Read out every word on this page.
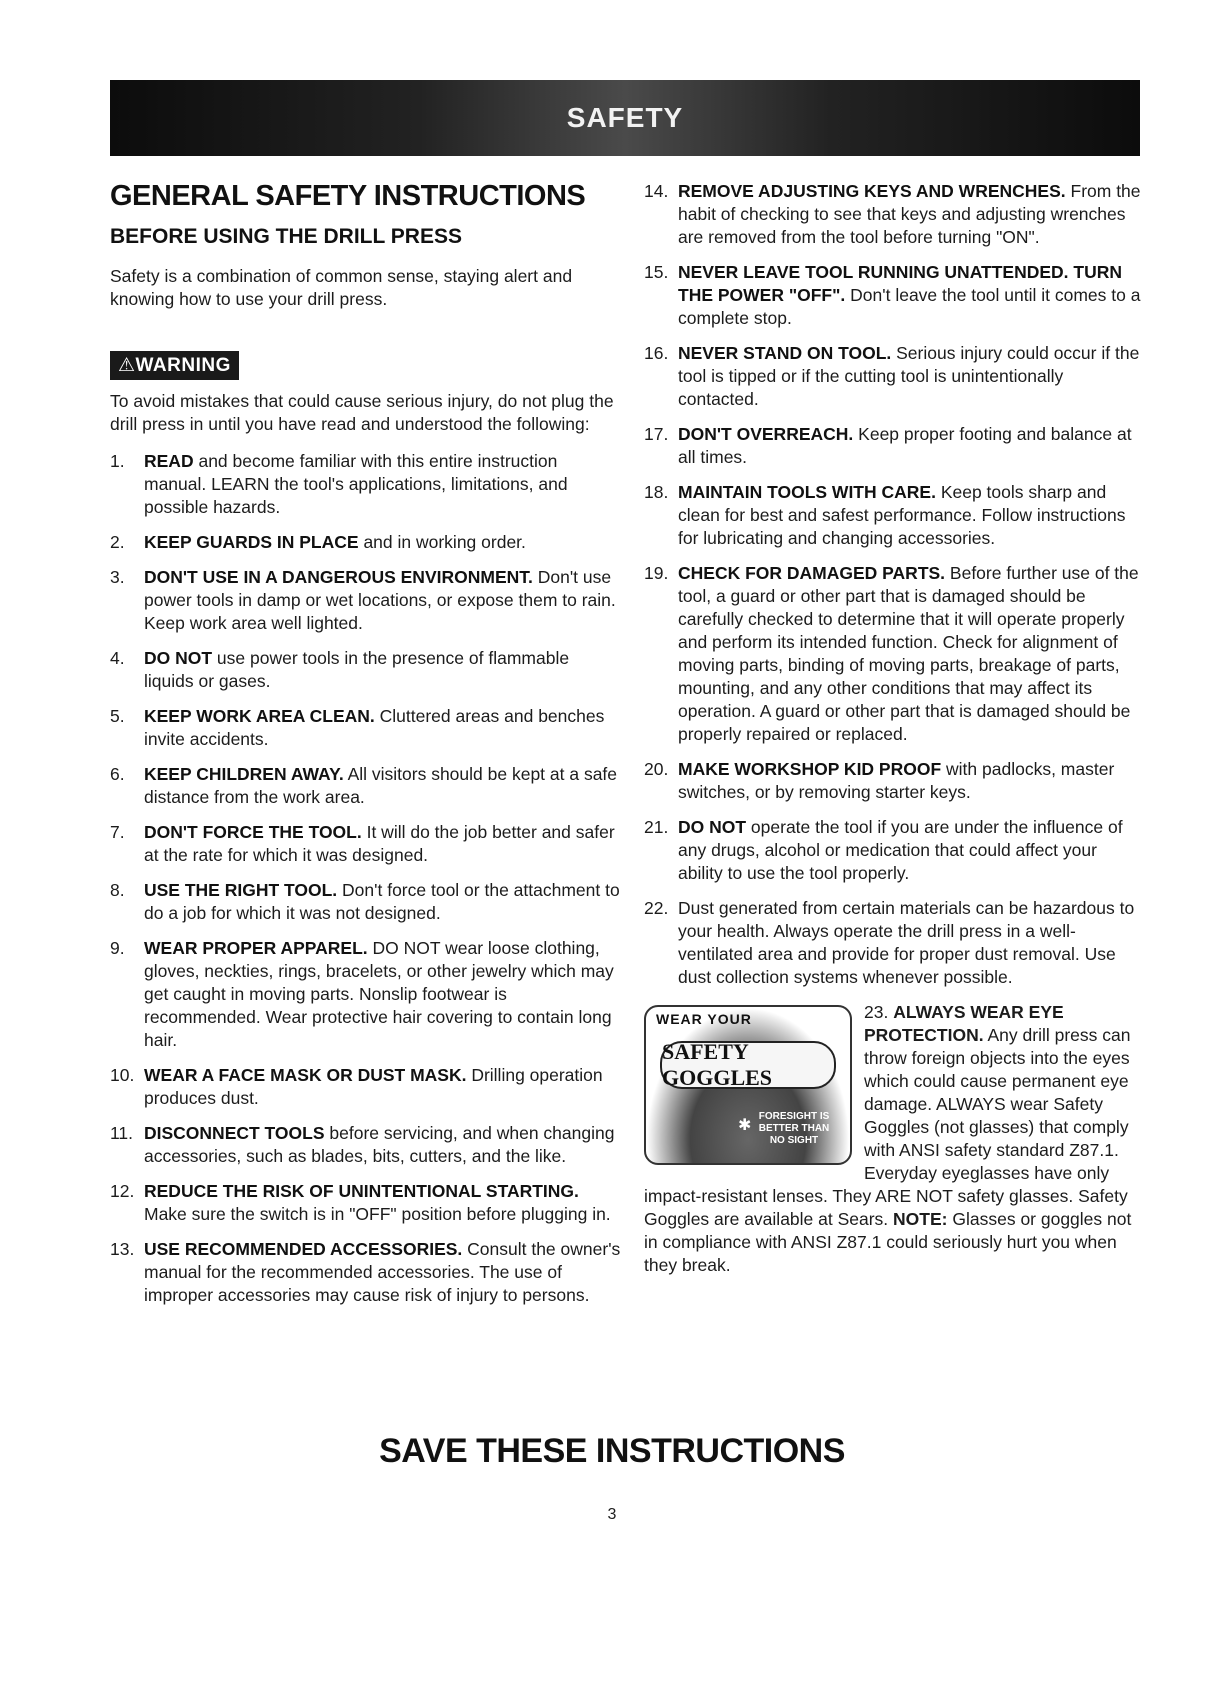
SAFETY
GENERAL SAFETY INSTRUCTIONS
BEFORE USING THE DRILL PRESS

Safety is a combination of common sense, staying alert and knowing how to use your drill press.

⚠WARNING

To avoid mistakes that could cause serious injury, do not plug the drill press in until you have read and understood the following:

1.	READ and become familiar with this entire instruction manual. LEARN the tool's applications, limitations, and possible hazards.
2.	KEEP GUARDS IN PLACE and in working order.
3.	DON'T USE IN A DANGEROUS ENVIRONMENT. Don't use power tools in damp or wet locations, or expose them to rain. Keep work area well lighted.
4.	DO NOT use power tools in the presence of flammable liquids or gases.
5.	KEEP WORK AREA CLEAN. Cluttered areas and benches invite accidents.
6.	KEEP CHILDREN AWAY. All visitors should be kept at a safe distance from the work area.
7.	DON'T FORCE THE TOOL. It will do the job better and safer at the rate for which it was designed.
8.	USE THE RIGHT TOOL. Don't force tool or the attachment to do a job for which it was not designed.
9.	WEAR PROPER APPAREL. DO NOT wear loose clothing, gloves, neckties, rings, bracelets, or other jewelry which may get caught in moving parts. Nonslip footwear is recommended. Wear protective hair covering to contain long hair.
10. WEAR A FACE MASK OR DUST MASK. Drilling operation produces dust.
11. DISCONNECT TOOLS before servicing, and when changing accessories, such as blades, bits, cutters, and the like.
12. REDUCE THE RISK OF UNINTENTIONAL STARTING. Make sure the switch is in "OFF" position before plugging in.
13. USE RECOMMENDED ACCESSORIES. Consult the owner's manual for the recommended accessories. The use of improper accessories may cause risk of injury to persons.
14. REMOVE ADJUSTING KEYS AND WRENCHES. From the habit of checking to see that keys and adjusting wrenches are removed from the tool before turning "ON".
15. NEVER LEAVE TOOL RUNNING UNATTENDED. TURN THE POWER "OFF". Don't leave the tool until it comes to a complete stop.
16. NEVER STAND ON TOOL. Serious injury could occur if the tool is tipped or if the cutting tool is unintentionally contacted.
17. DON'T OVERREACH. Keep proper footing and balance at all times.
18. MAINTAIN TOOLS WITH CARE. Keep tools sharp and clean for best and safest performance. Follow instructions for lubricating and changing accessories.
19. CHECK FOR DAMAGED PARTS. Before further use of the tool, a guard or other part that is damaged should be carefully checked to determine that it will operate properly and perform its intended function. Check for alignment of moving parts, binding of moving parts, breakage of parts, mounting, and any other conditions that may affect its operation. A guard or other part that is damaged should be properly repaired or replaced.
20. MAKE WORKSHOP KID PROOF with padlocks, master switches, or by removing starter keys.
21. DO NOT operate the tool if you are under the influence of any drugs, alcohol or medication that could affect your ability to use the tool properly.
22. Dust generated from certain materials can be hazardous to your health. Always operate the drill press in a well-ventilated area and provide for proper dust removal. Use dust collection systems whenever possible.
WEAR YOUR
SAFETY GOGGLES
✱
FORESIGHT IS BETTER THAN NO SIGHT

23. ALWAYS WEAR EYE PROTECTION. Any drill press can throw foreign objects into the eyes which could cause permanent eye damage. ALWAYS wear Safety Goggles (not glasses) that comply with ANSI safety standard Z87.1. Everyday eyeglasses have only impact-resistant lenses. They ARE NOT safety glasses. Safety Goggles are available at Sears. NOTE: Glasses or goggles not in compliance with ANSI Z87.1 could seriously hurt you when they break.

SAVE THESE INSTRUCTIONS
3
